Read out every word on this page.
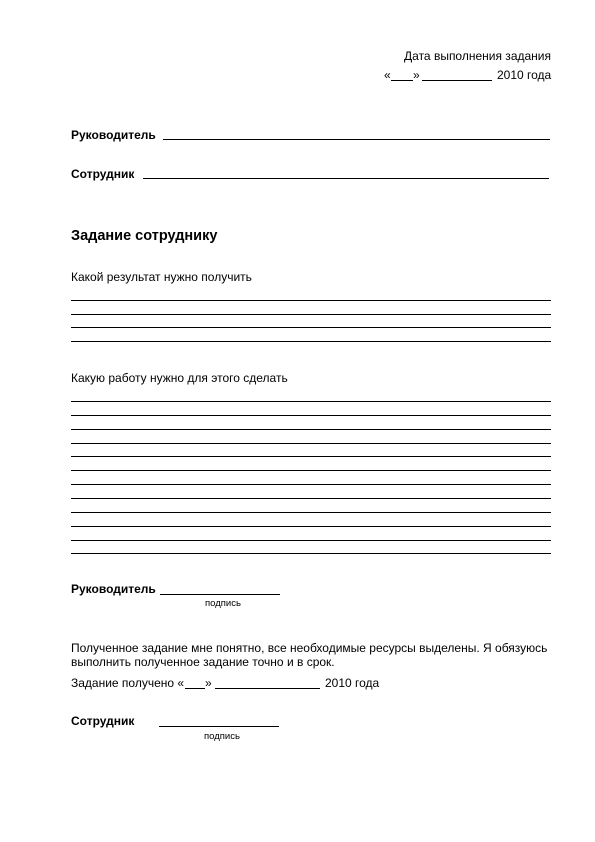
Дата выполнения задания
« »	2010 года
Руководитель
Сотрудник
Задание сотруднику
Какой результат нужно получить
Какую работу нужно для этого сделать
Руководитель
подпись
Полученное задание мне понятно, все необходимые ресурсы выделены. Я обязуюсь выполнить полученное задание точно и в срок.
Задание получено « »	2010 года
Сотрудник
подпись
